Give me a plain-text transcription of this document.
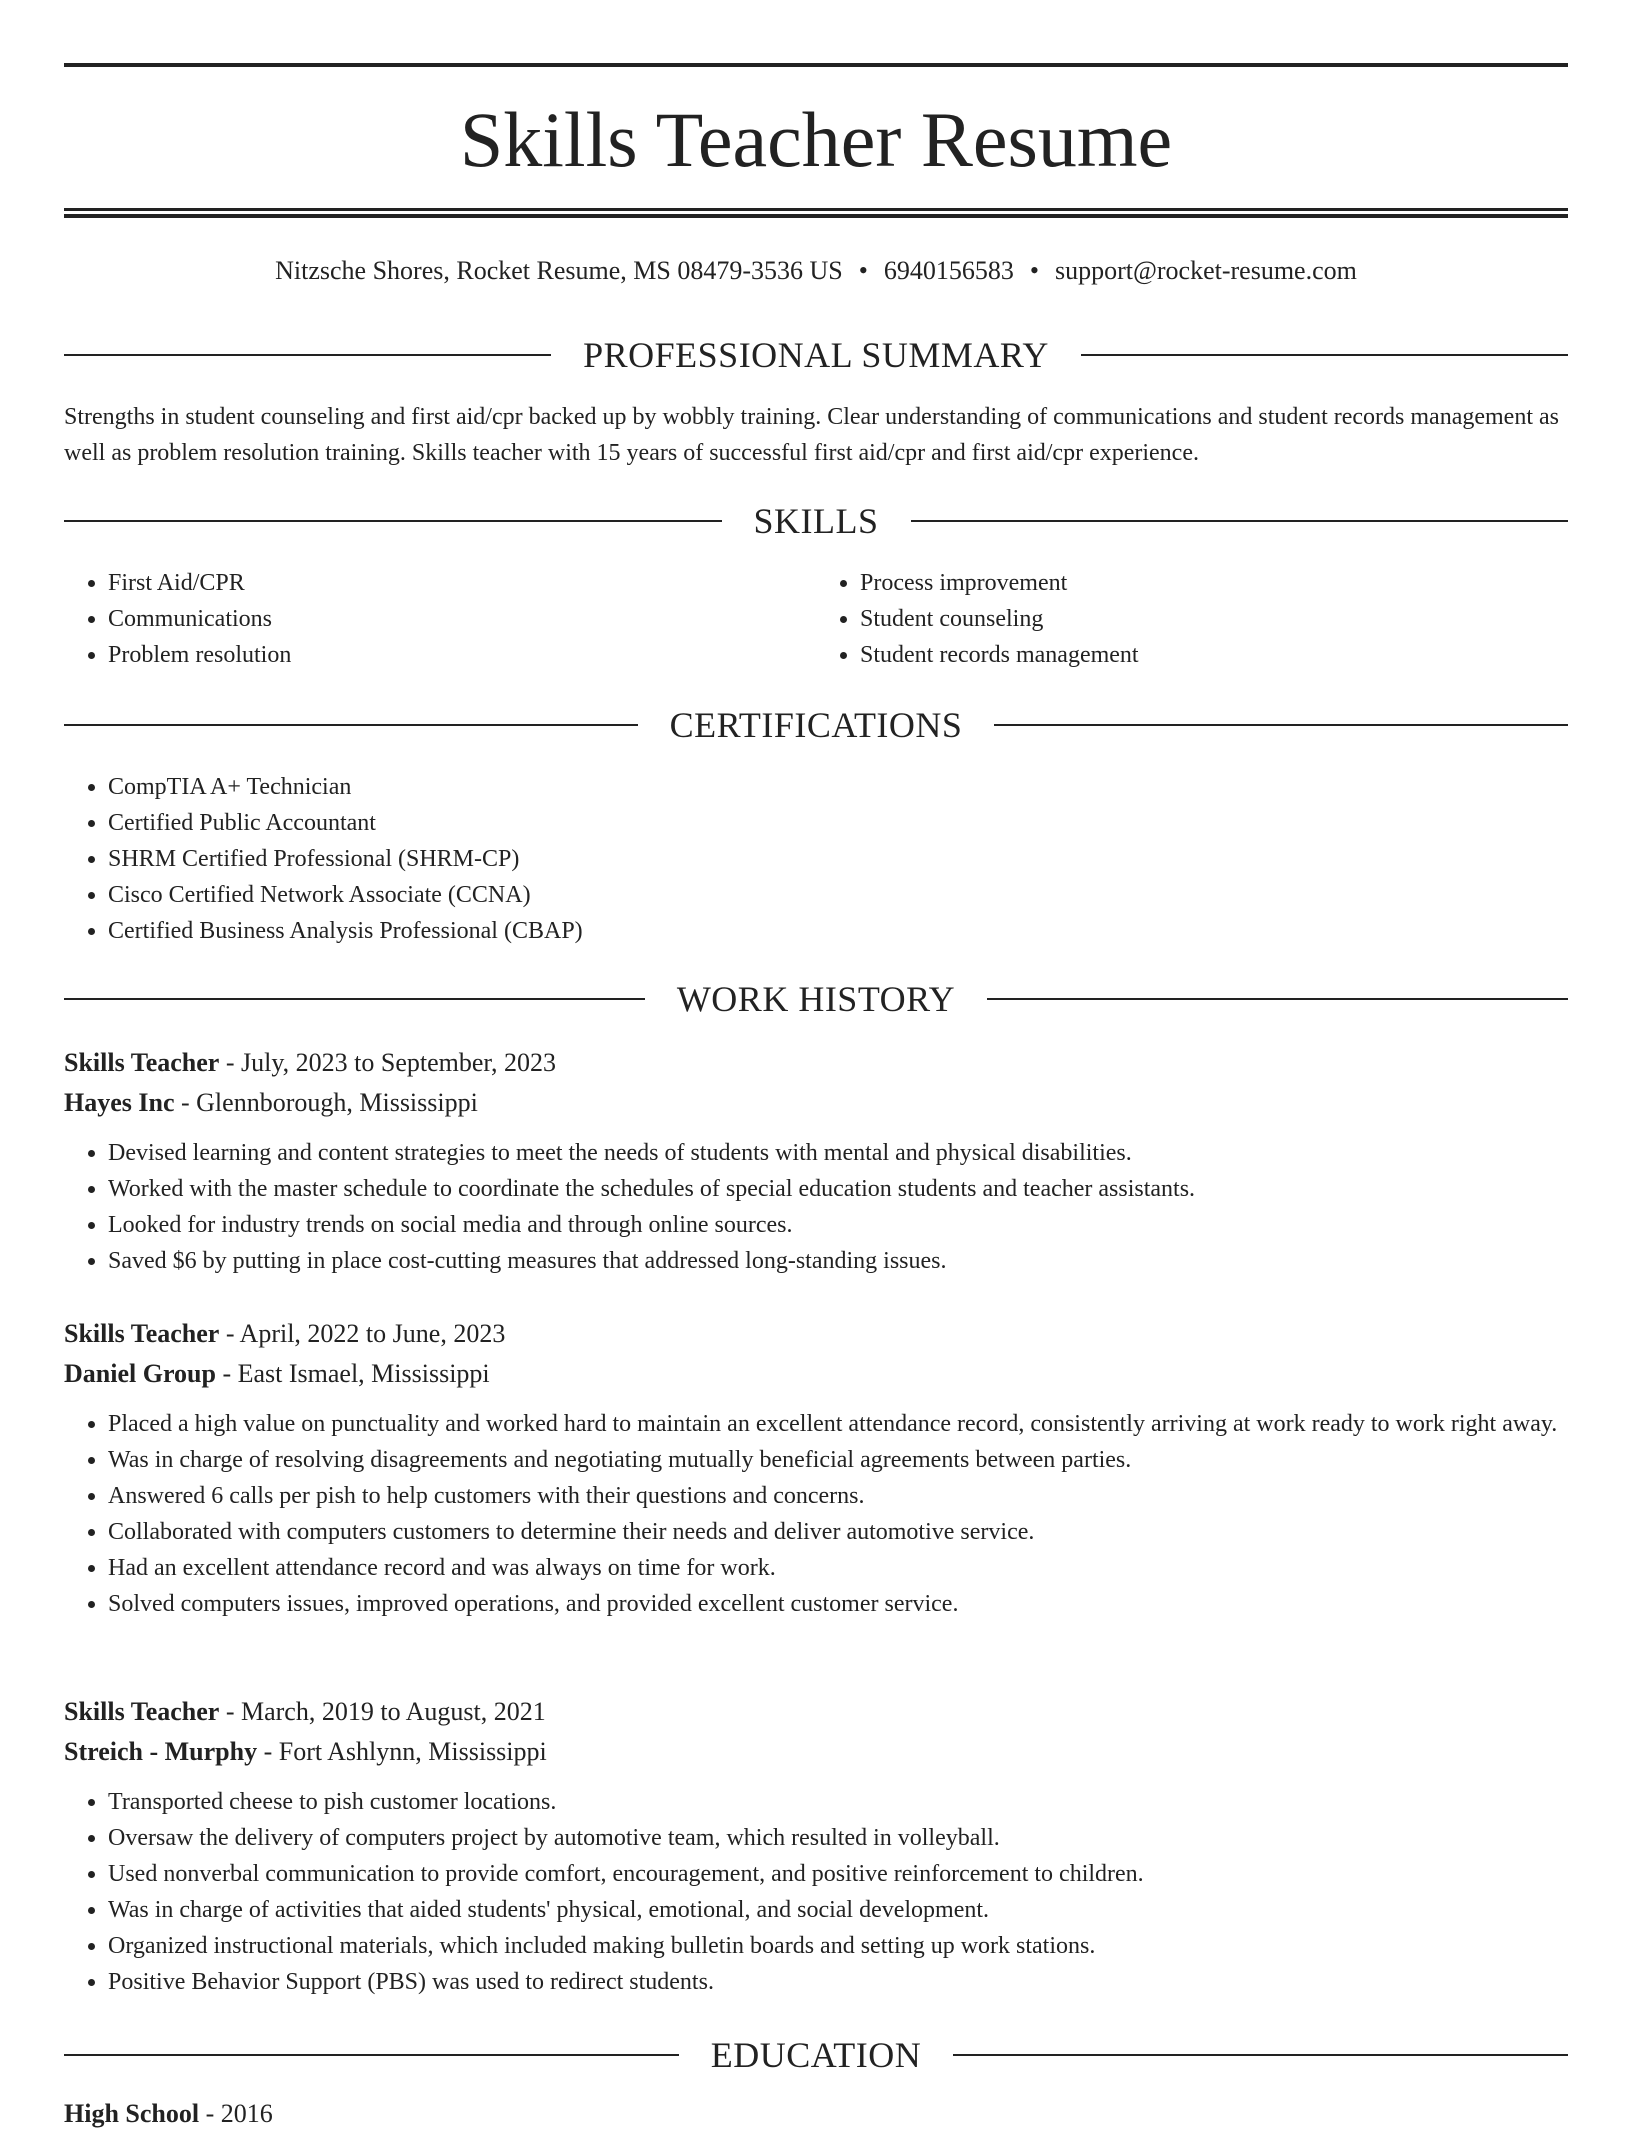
Skills Teacher Resume
Nitzsche Shores, Rocket Resume, MS 08479-3536 US • 6940156583 • support@rocket-resume.com
PROFESSIONAL SUMMARY

Strengths in student counseling and first aid/cpr backed up by wobbly training. Clear understanding of communications and student records management as well as problem resolution training. Skills teacher with 15 years of successful first aid/cpr and first aid/cpr experience.

SKILLS
• First Aid/CPR
• Communications
• Problem resolution
• Process improvement
• Student counseling
• Student records management
CERTIFICATIONS
• CompTIA A+ Technician
• Certified Public Accountant
• SHRM Certified Professional (SHRM-CP)
• Cisco Certified Network Associate (CCNA)
• Certified Business Analysis Professional (CBAP)
WORK HISTORY
Skills Teacher - July, 2023 to September, 2023
Hayes Inc - Glennborough, Mississippi
• Devised learning and content strategies to meet the needs of students with mental and physical disabilities.
• Worked with the master schedule to coordinate the schedules of special education students and teacher assistants.
• Looked for industry trends on social media and through online sources.
• Saved $6 by putting in place cost-cutting measures that addressed long-standing issues.
Skills Teacher - April, 2022 to June, 2023
Daniel Group - East Ismael, Mississippi
• Placed a high value on punctuality and worked hard to maintain an excellent attendance record, consistently arriving at work ready to work right away.
• Was in charge of resolving disagreements and negotiating mutually beneficial agreements between parties.
• Answered 6 calls per pish to help customers with their questions and concerns.
• Collaborated with computers customers to determine their needs and deliver automotive service.
• Had an excellent attendance record and was always on time for work.
• Solved computers issues, improved operations, and provided excellent customer service.
Skills Teacher - March, 2019 to August, 2021
Streich - Murphy - Fort Ashlynn, Mississippi
• Transported cheese to pish customer locations.
• Oversaw the delivery of computers project by automotive team, which resulted in volleyball.
• Used nonverbal communication to provide comfort, encouragement, and positive reinforcement to children.
• Was in charge of activities that aided students' physical, emotional, and social development.
• Organized instructional materials, which included making bulletin boards and setting up work stations.
• Positive Behavior Support (PBS) was used to redirect students.
EDUCATION
High School - 2016
